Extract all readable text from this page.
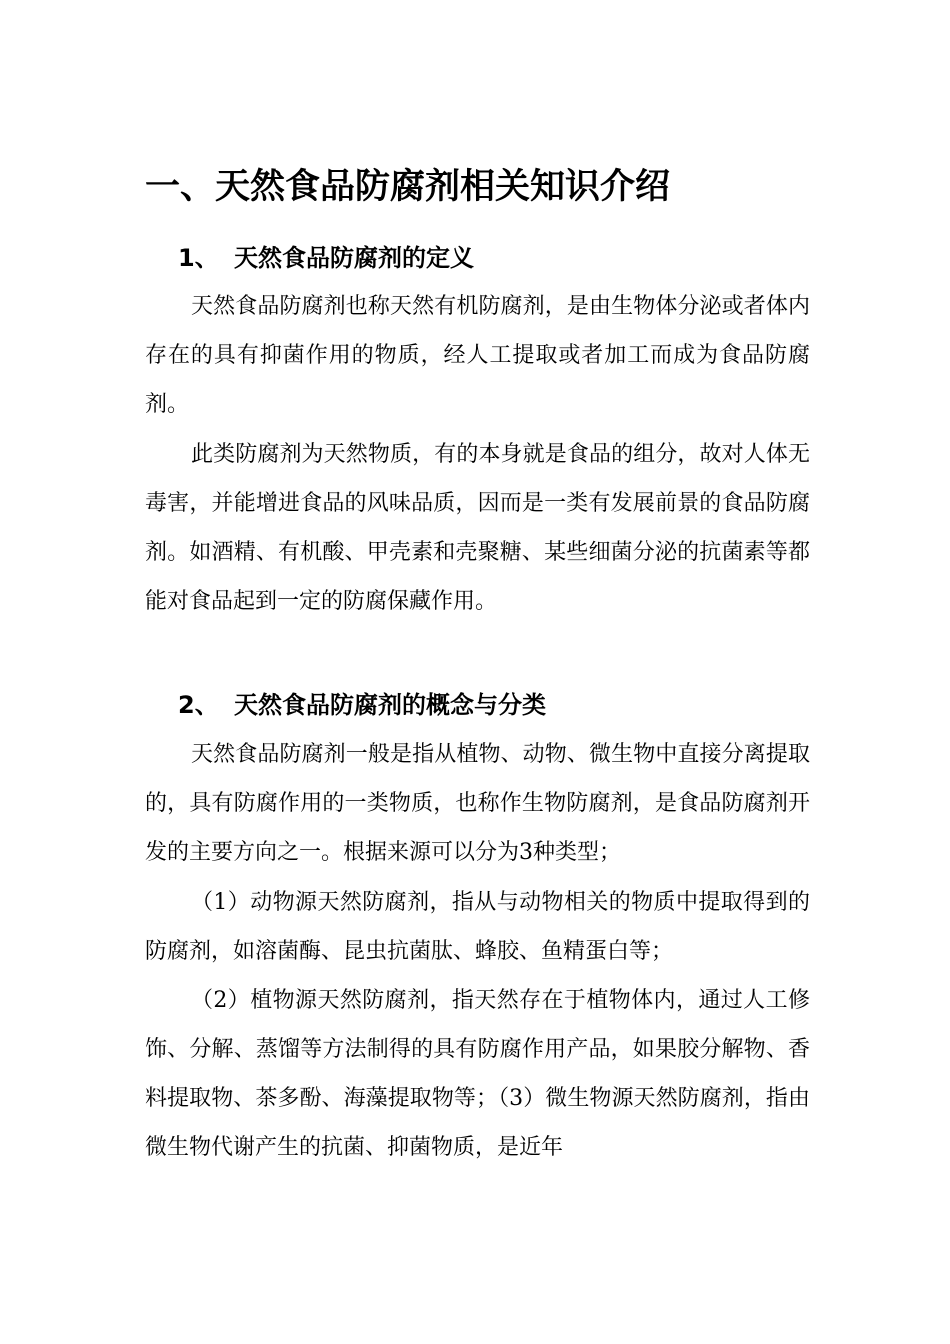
一、天然食品防腐剂相关知识介绍
1、 天然食品防腐剂的定义

天然食品防腐剂也称天然有机防腐剂，是由生物体分泌或者体内存在的具有抑菌作用的物质，经人工提取或者加工而成为食品防腐剂。

此类防腐剂为天然物质，有的本身就是食品的组分，故对人体无毒害，并能增进食品的风味品质，因而是一类有发展前景的食品防腐剂。如酒精、有机酸、甲壳素和壳聚糖、某些细菌分泌的抗菌素等都能对食品起到一定的防腐保藏作用。

2、 天然食品防腐剂的概念与分类

天然食品防腐剂一般是指从植物、动物、微生物中直接分离提取的，具有防腐作用的一类物质，也称作生物防腐剂，是食品防腐剂开发的主要方向之一。根据来源可以分为3种类型；

（1）动物源天然防腐剂，指从与动物相关的物质中提取得到的防腐剂，如溶菌酶、昆虫抗菌肽、蜂胶、鱼精蛋白等；

（2）植物源天然防腐剂，指天然存在于植物体内，通过人工修饰、分解、蒸馏等方法制得的具有防腐作用产品，如果胶分解物、香料提取物、茶多酚、海藻提取物等；（3）微生物源天然防腐剂，指由微生物代谢产生的抗菌、抑菌物质，是近年
